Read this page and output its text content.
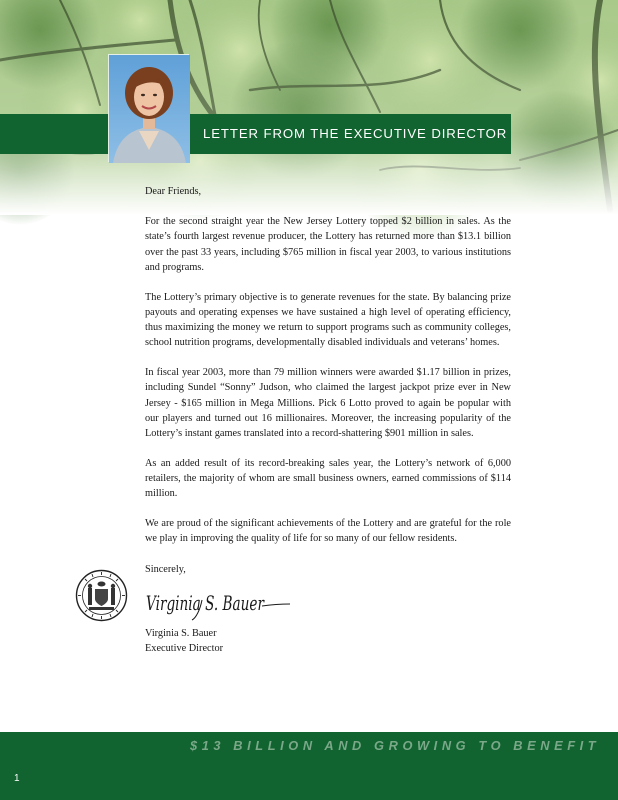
LETTER FROM THE EXECUTIVE DIRECTOR

Dear Friends,

For the second straight year the New Jersey Lottery topped $2 billion in sales. As the state’s fourth largest revenue producer, the Lottery has returned more than $13.1 billion over the past 33 years, including $765 million in fiscal year 2003, to various institutions and programs.

The Lottery’s primary objective is to generate revenues for the state. By balancing prize payouts and operating expenses we have sustained a high level of operating efficiency, thus maximizing the money we return to support programs such as community colleges, school nutrition programs, developmentally disabled individuals and veterans’ homes.

In fiscal year 2003, more than 79 million winners were awarded $1.17 billion in prizes, including Sundel “Sonny” Judson, who claimed the largest jackpot prize ever in New Jersey - $165 million in Mega Millions. Pick 6 Lotto proved to again be popular with our players and turned out 16 millionaires. Moreover, the increasing popularity of the Lottery’s instant games translated into a record-shattering $901 million in sales.

As an added result of its record-breaking sales year, the Lottery’s network of 6,000 retailers, the majority of whom are small business owners, earned commissions of $114 million.

We are proud of the significant achievements of the Lottery and are grateful for the role we play in improving the quality of life for so many of our fellow residents.

Sincerely,

Virginia S. Bauer
Virginia S. Bauer
Executive Director
$13 BILLION AND GROWING TO BENEFIT
1
